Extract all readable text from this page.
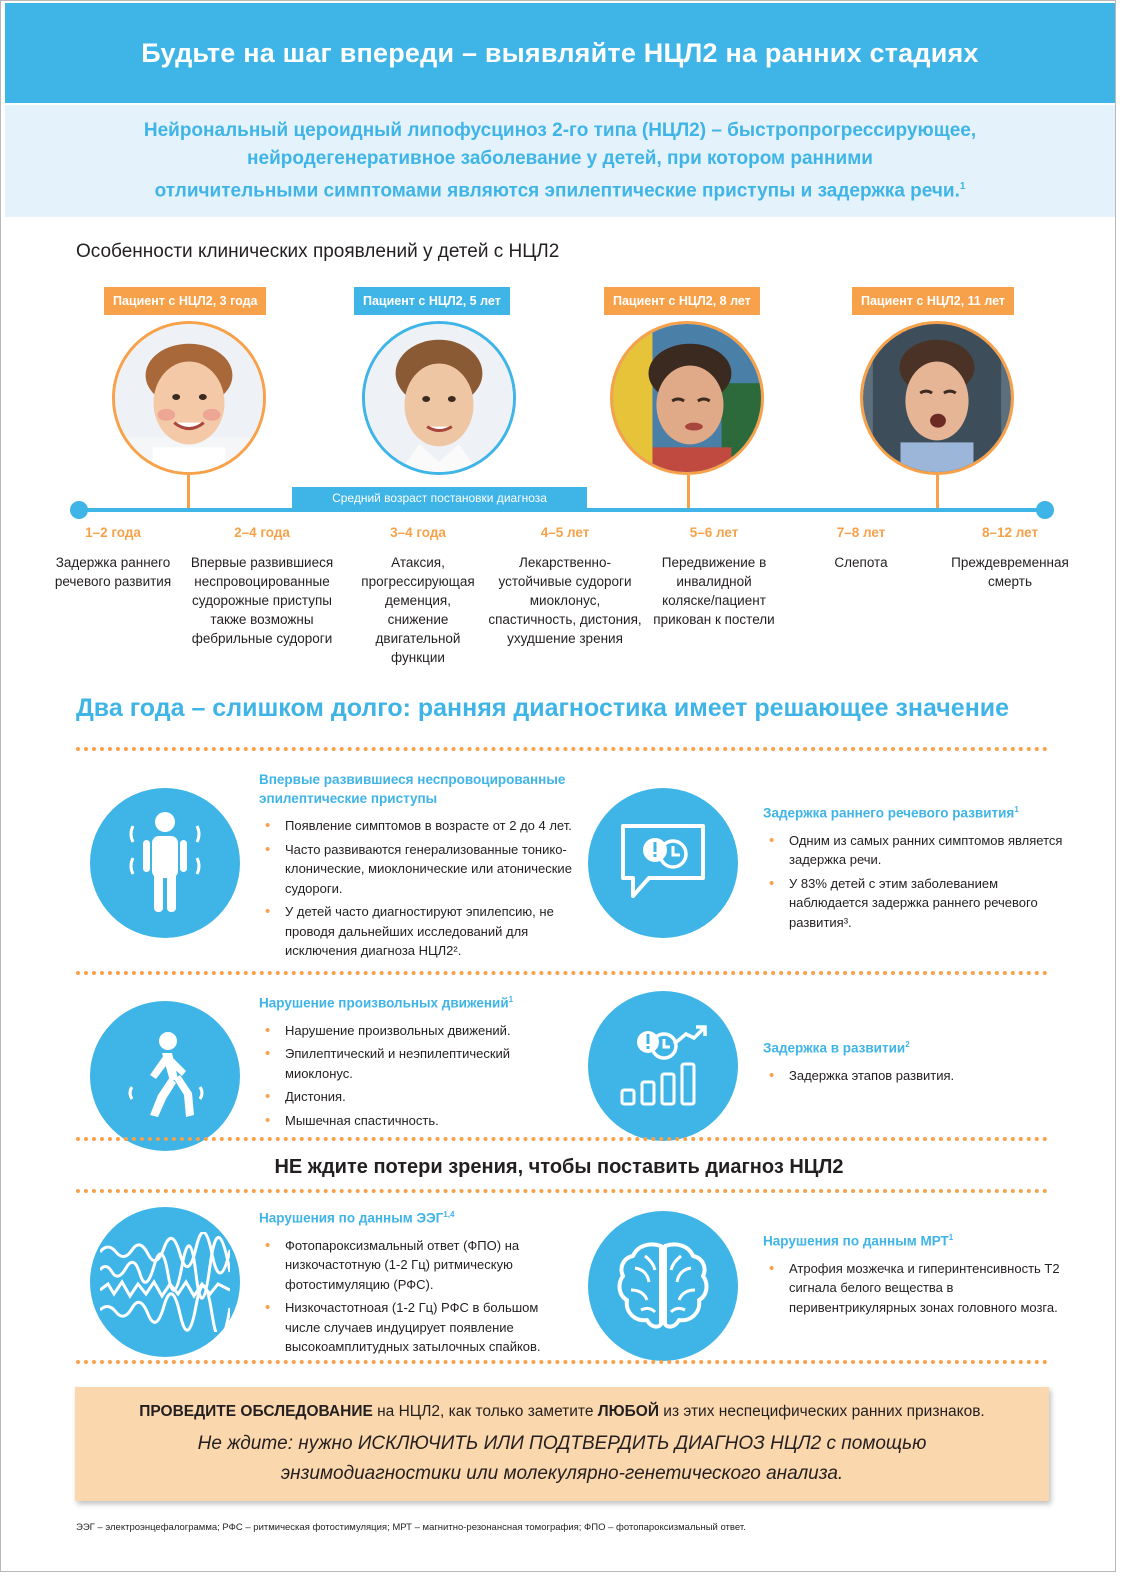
Будьте на шаг впереди – выявляйте НЦЛ2 на ранних стадиях

Нейрональный цероидный липофусциноз 2-го типа (НЦЛ2) – быстропрогрессирующее,
нейродегенеративное заболевание у детей, при котором ранними
отличительными симптомами являются эпилептические приступы и задержка речи.$^1$

Особенности клинических проявлений у детей с НЦЛ2
Пациент с НЦЛ2, 3 года	Пациент с НЦЛ2, 5 лет	Пациент с НЦЛ2, 8 лет	Пациент с НЦЛ2, 11 лет
Средний возраст постановки диагноза
1–2 года
Задержка раннего речевого развития
2–4 года
Впервые развившиеся неспровоцированные судорожные приступы также возможны фебрильные судороги
3–4 года
Атаксия, прогрессирующая деменция, снижение двигательной функции
4–5 лет
Лекарственно-устойчивые судороги миоклонус, спастичность, дистония, ухудшение зрения
5–6 лет
Передвижение в инвалидной коляске/пациент прикован к постели
7–8 лет
Слепота
8–12 лет
Преждевременная смерть
Два года – слишком долго: ранняя диагностика имеет решающее значение
Впервые развившиеся неспровоцированные эпилептические приступы
• Появление симптомов в возрасте от 2 до 4 лет.
• Часто развиваются генерализованные тонико-клонические, миоклонические или атонические судороги.
• У детей часто диагностируют эпилепсию, не проводя дальнейших исследований для исключения диагноза НЦЛ2².
Задержка раннего речевого развития$^1$
• Одним из самых ранних симптомов является задержка речи.
• У 83% детей с этим заболеванием наблюдается задержка раннего речевого развития³.
Нарушение произвольных движений$^1$
• Нарушение произвольных движений.
• Эпилептический и неэпилептический миоклонус.
• Дистония.
• Мышечная спастичность.
Задержка в развитии$^2$
• Задержка этапов развития.
НЕ ждите потери зрения, чтобы поставить диагноз НЦЛ2
Нарушения по данным ЭЭГ$^{1,4}$
• Фотопароксизмальный ответ (ФПО) на низкочастотную (1-2 Гц) ритмическую фотостимуляцию (РФС).
• Низкочастотноая (1-2 Гц) РФС в большом числе случаев индуцирует появление высокоамплитудных затылочных спайков.
Нарушения по данным МРТ$^1$
• Атрофия мозжечка и гиперинтенсивность Т2 сигнала белого вещества в перивентрикулярных зонах головного мозга.
ПРОВЕДИТЕ ОБСЛЕДОВАНИЕ на НЦЛ2, как только заметите ЛЮБОЙ из этих неспецифических ранних признаков.
Не ждите: нужно ИСКЛЮЧИТЬ ИЛИ ПОДТВЕРДИТЬ ДИАГНОЗ НЦЛ2 с помощью
энзимодиагностики или молекулярно-генетического анализа.
ЭЭГ – электроэнцефалограмма; РФС – ритмическая фотостимуляция; МРТ – магнитно-резонансная томография; ФПО – фотопароксизмальный ответ.
